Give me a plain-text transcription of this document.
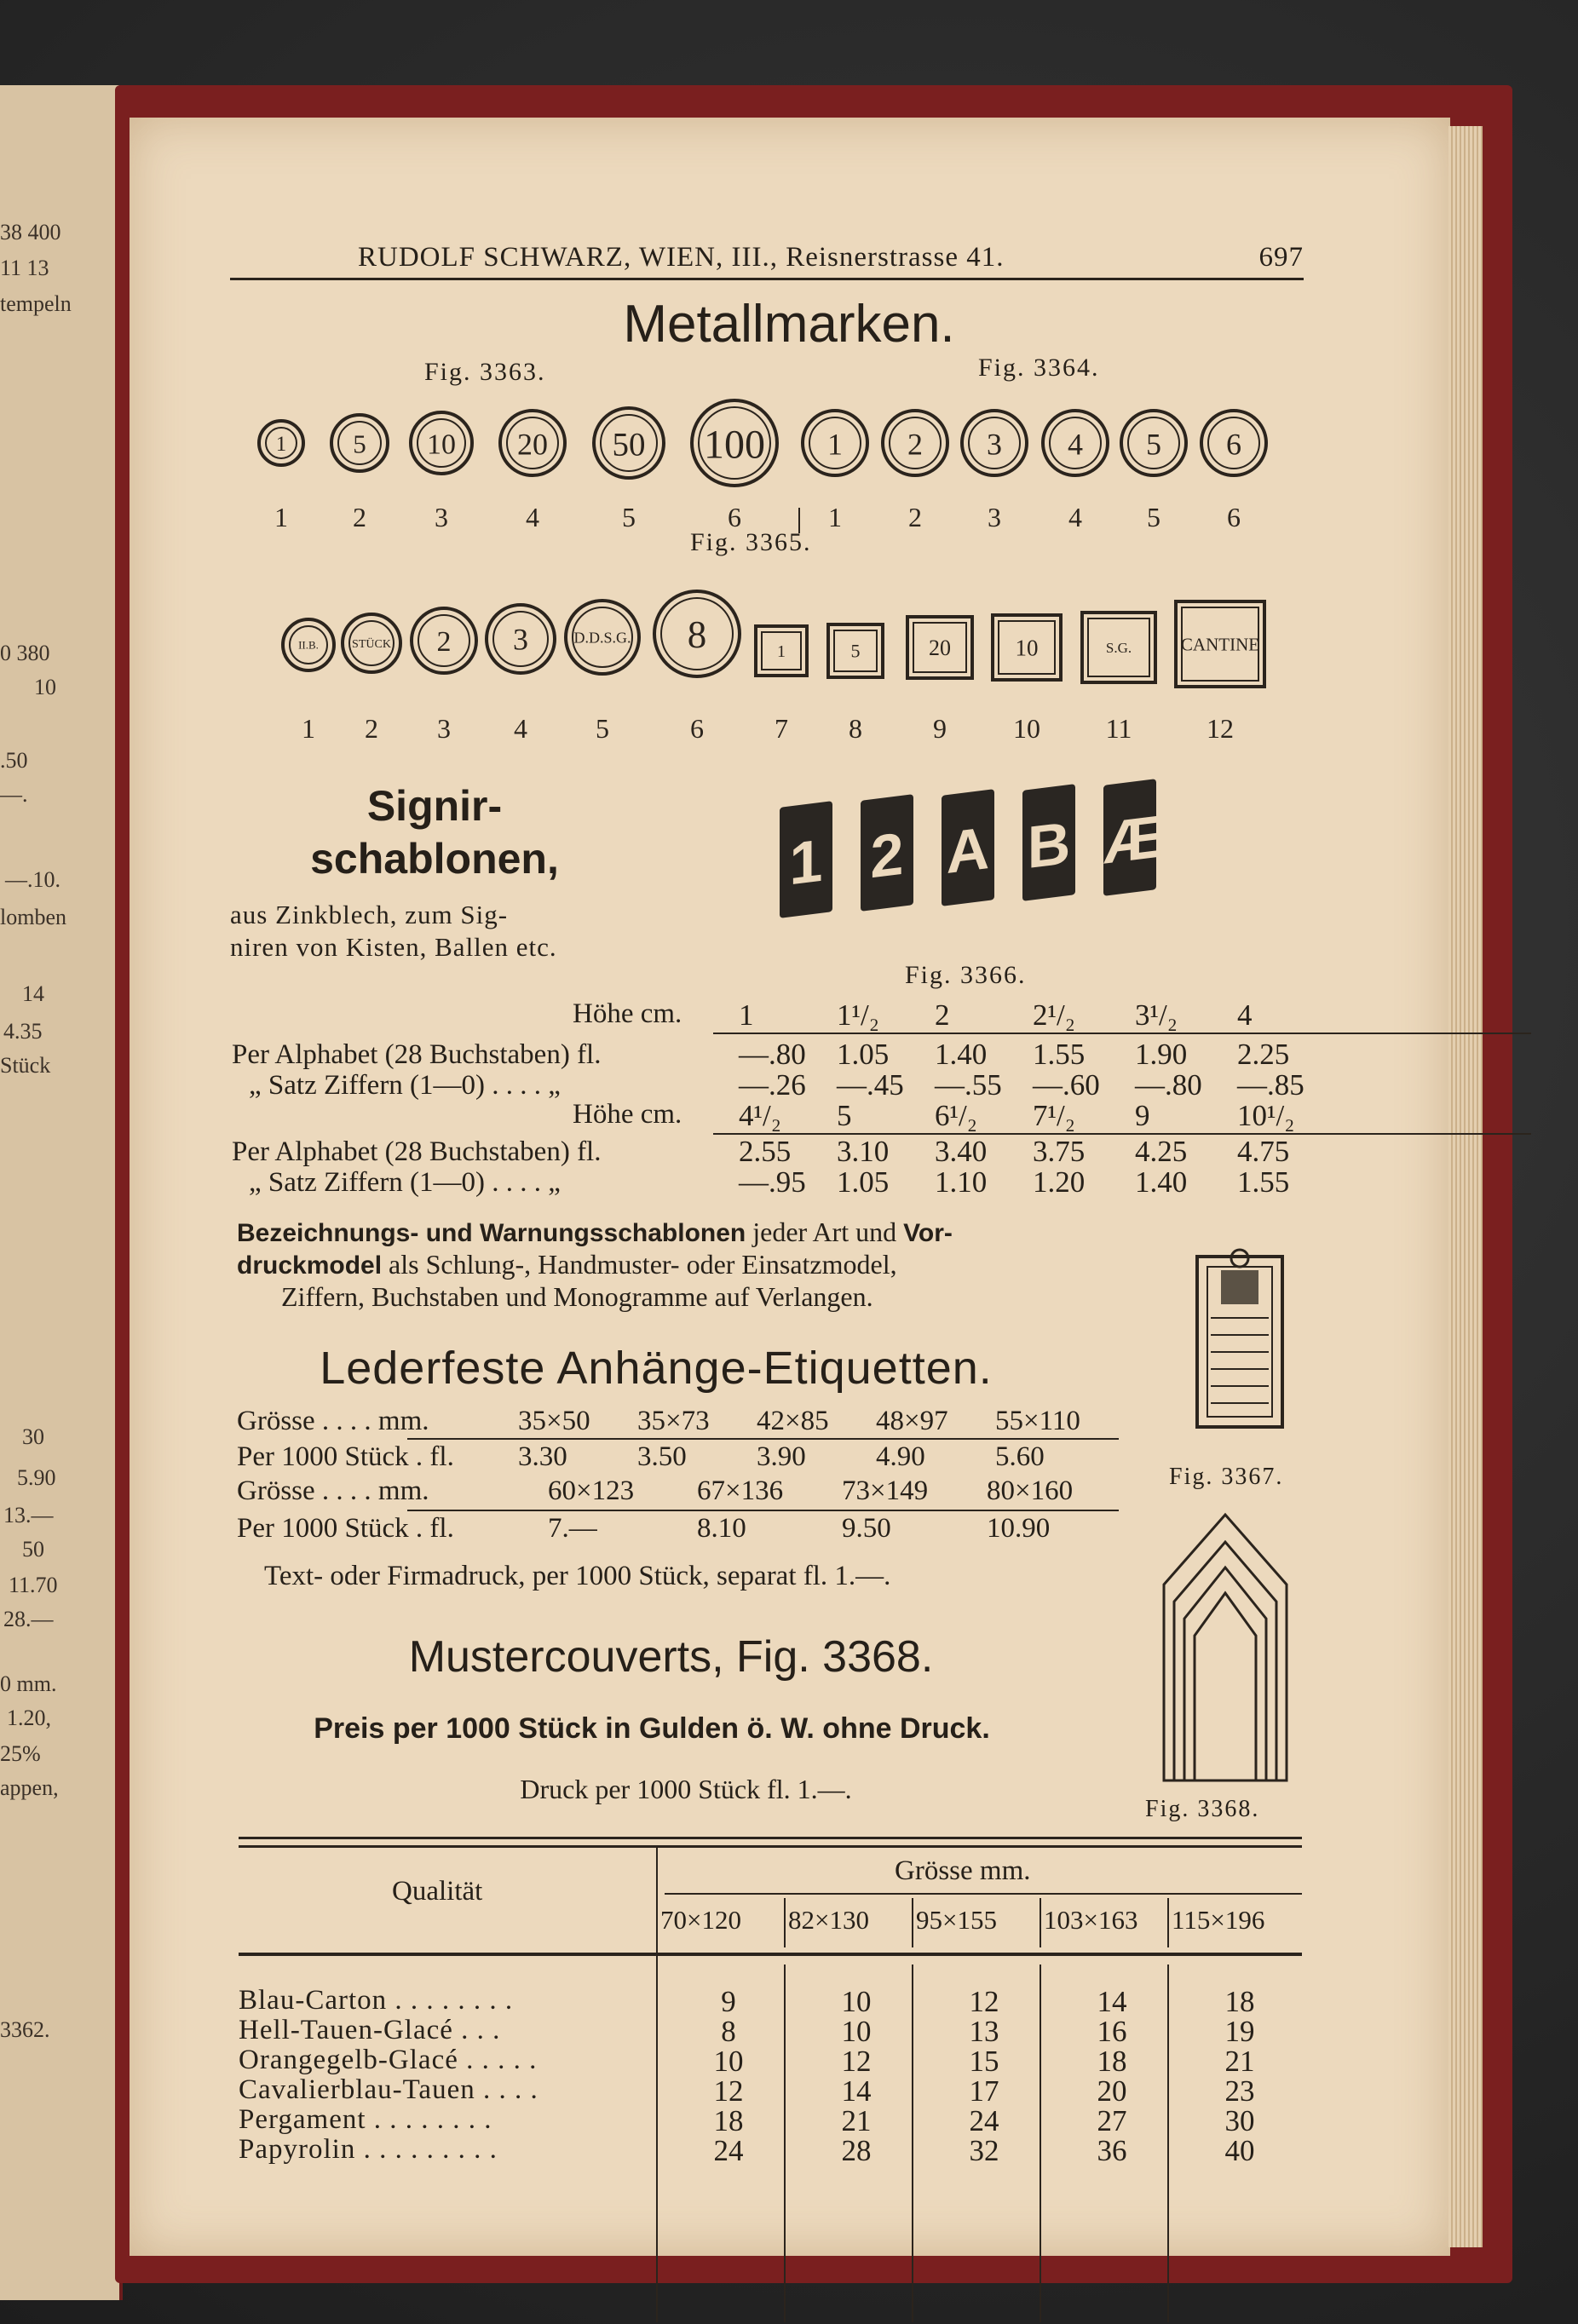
38 400
11 13
tempeln
0 380
10
.50
—.
—.10.
lomben
14
4.35
Stück
30
5.90
13.—
50
11.70
28.—
0 mm.
1.20,
25%
appen,
3362.
RUDOLF SCHWARZ, WIEN, III., Reisnerstrasse 41.	697
Metallmarken.
Fig. 3363.	Fig. 3364.
1
1
5
2
10
3
20
4
50
5
100
6
1
1
2
2
3
3
4
4
5
5
6
6
II.B.
1
STÜCK
2
2
3
3
4
D.D.S.G.
5
8
6
1
7
5
8
20
9
10
10
S.G.
11
CANTINE
12
Fig. 3365.
Signir-
schablonen,
aus Zinkblech, zum Sig-
niren von Kisten, Ballen etc.
1 2 A B Æ
Fig. 3366.
Höhe cm. 1	1¹/₂ 2	2¹/₂ 3¹/₂ 4
Per Alphabet (28 Buchstaben) fl.	—.80 1.05 1.40 1.55 1.90 2.25
„ Satz Ziffern (1—0) . . . . „	—.26 —.45 —.55 —.60 —.80 —.85
Höhe cm. 4¹/₂ 5	6¹/₂ 7¹/₂ 9	10¹/₂
Per Alphabet (28 Buchstaben) fl.	2.55 3.10 3.40 3.75 4.25 4.75
„ Satz Ziffern (1—0) . . . . „	—.95 1.05 1.10 1.20 1.40 1.55
Bezeichnungs- und Warnungsschablonen jeder Art und Vor-
druckmodel als Schlung-, Handmuster- oder Einsatzmodel,
Ziffern, Buchstaben und Monogramme auf Verlangen.
Lederfeste Anhänge-Etiquetten.
Grösse . . . . mm.	35×50 35×73 42×85 48×97 55×110
Per 1000 Stück . fl. 3.30 3.50 3.90 4.90 5.60
Grösse . . . . mm.	60×123 67×136 73×149 80×160
Per 1000 Stück . fl.	7.—	8.10	9.50	10.90
Text- oder Firmadruck, per 1000 Stück, separat fl. 1.—.
Fig. 3367.
Fig. 3368.
Mustercouverts, Fig. 3368.
Preis per 1000 Stück in Gulden ö. W. ohne Druck.
Druck per 1000 Stück fl. 1.—.
Qualität
Grösse mm.
70×120 82×130 95×155 103×163 115×196
Blau-Carton . . . . . . . .	9	10	12	14	18
Hell-Tauen-Glacé . . .	8	10	13	16	19
Orangegelb-Glacé . . . . .	10	12	15	18	21
Cavalierblau-Tauen . . . .	12	14	17	20	23
Pergament . . . . . . . .	18	21	24	27	30
Papyrolin . . . . . . . . .	24	28	32	36	40
